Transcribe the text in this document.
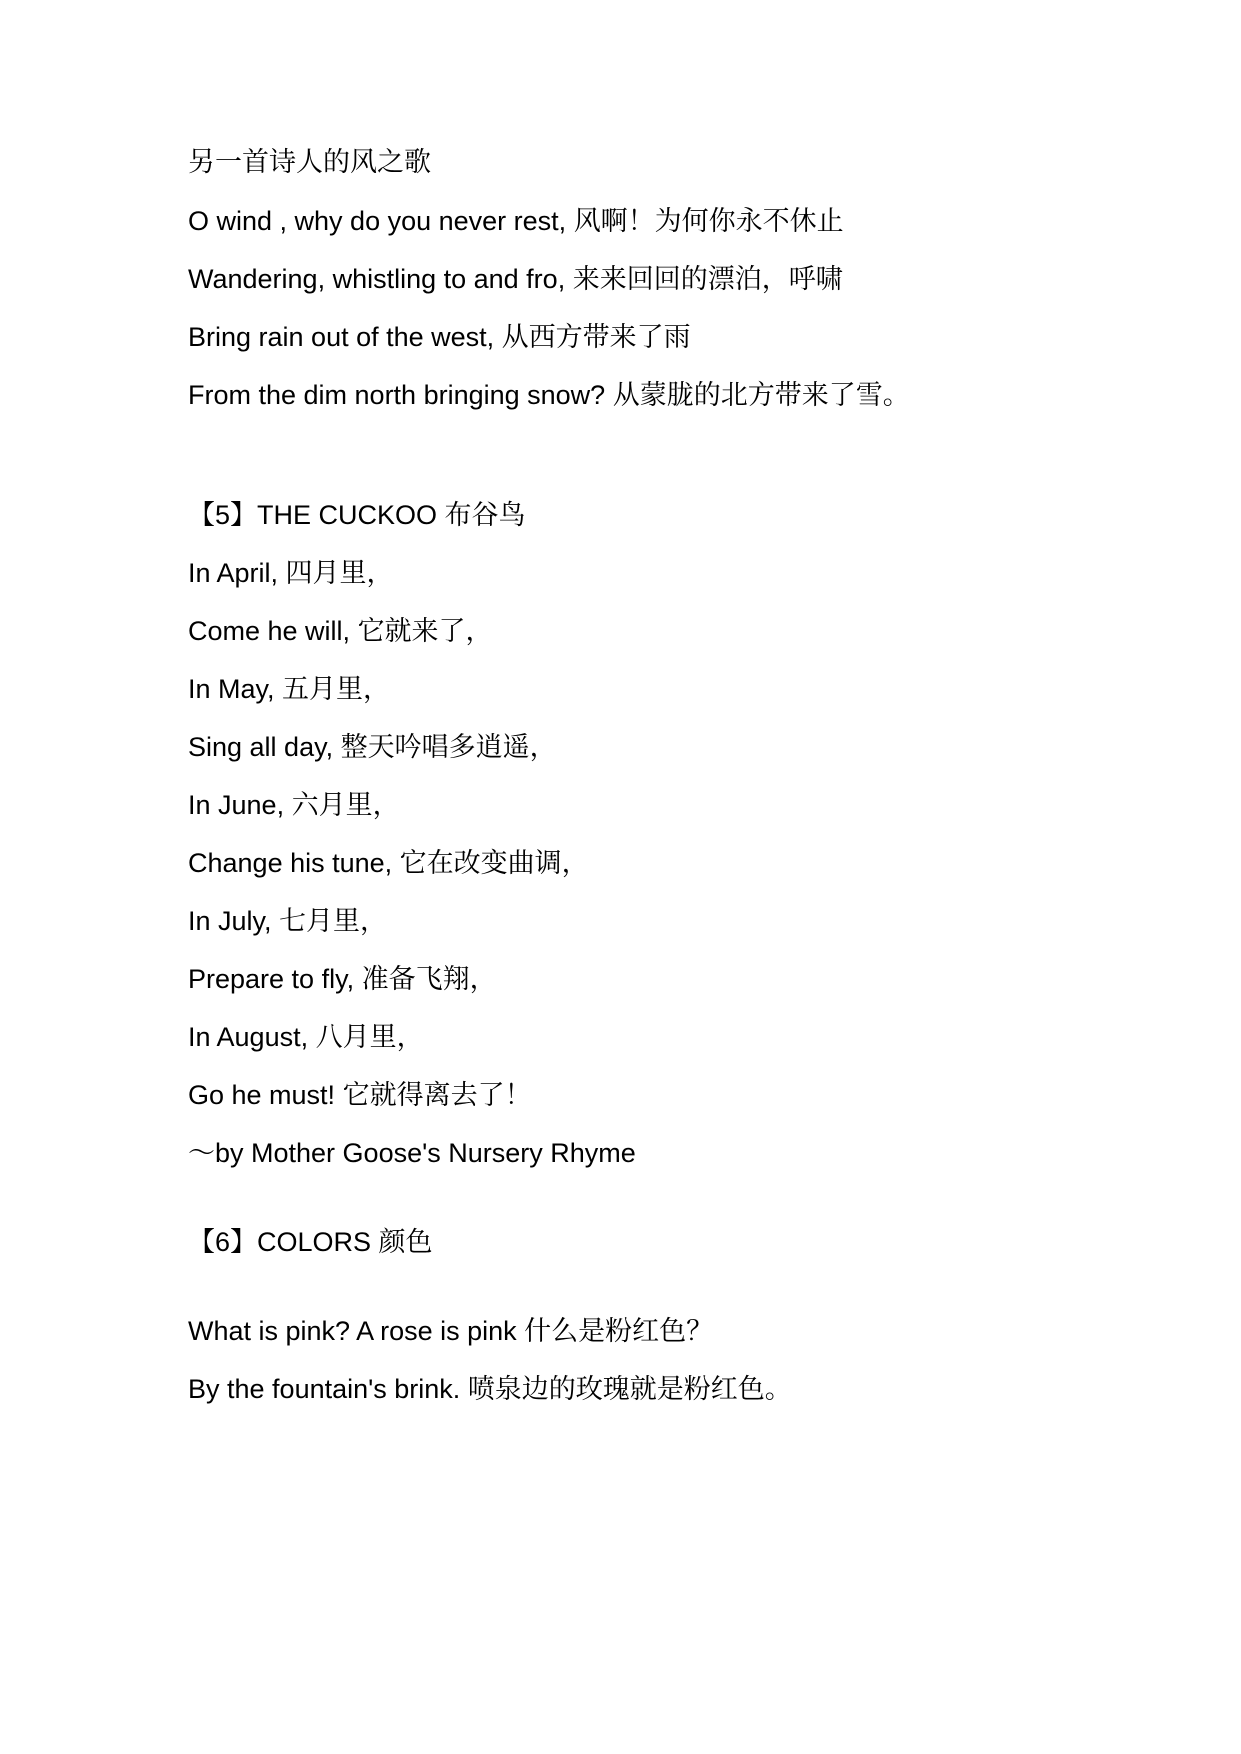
另一首诗人的风之歌
O wind , why do you never rest, 风啊！为何你永不休止
Wandering, whistling to and fro, 来来回回的漂泊，呼啸
Bring rain out of the west, 从西方带来了雨
From the dim north bringing snow? 从蒙胧的北方带来了雪。
【5】THE CUCKOO 布谷鸟
In April, 四月里，
Come he will, 它就来了，
In May, 五月里，
Sing all day, 整天吟唱多逍遥，
In June, 六月里，
Change his tune, 它在改变曲调，
In July, 七月里，
Prepare to fly, 准备飞翔，
In August, 八月里，
Go he must! 它就得离去了！
～by Mother Goose's Nursery Rhyme
【6】COLORS 颜色
What is pink? A rose is pink 什么是粉红色？
By the fountain's brink. 喷泉边的玫瑰就是粉红色。
